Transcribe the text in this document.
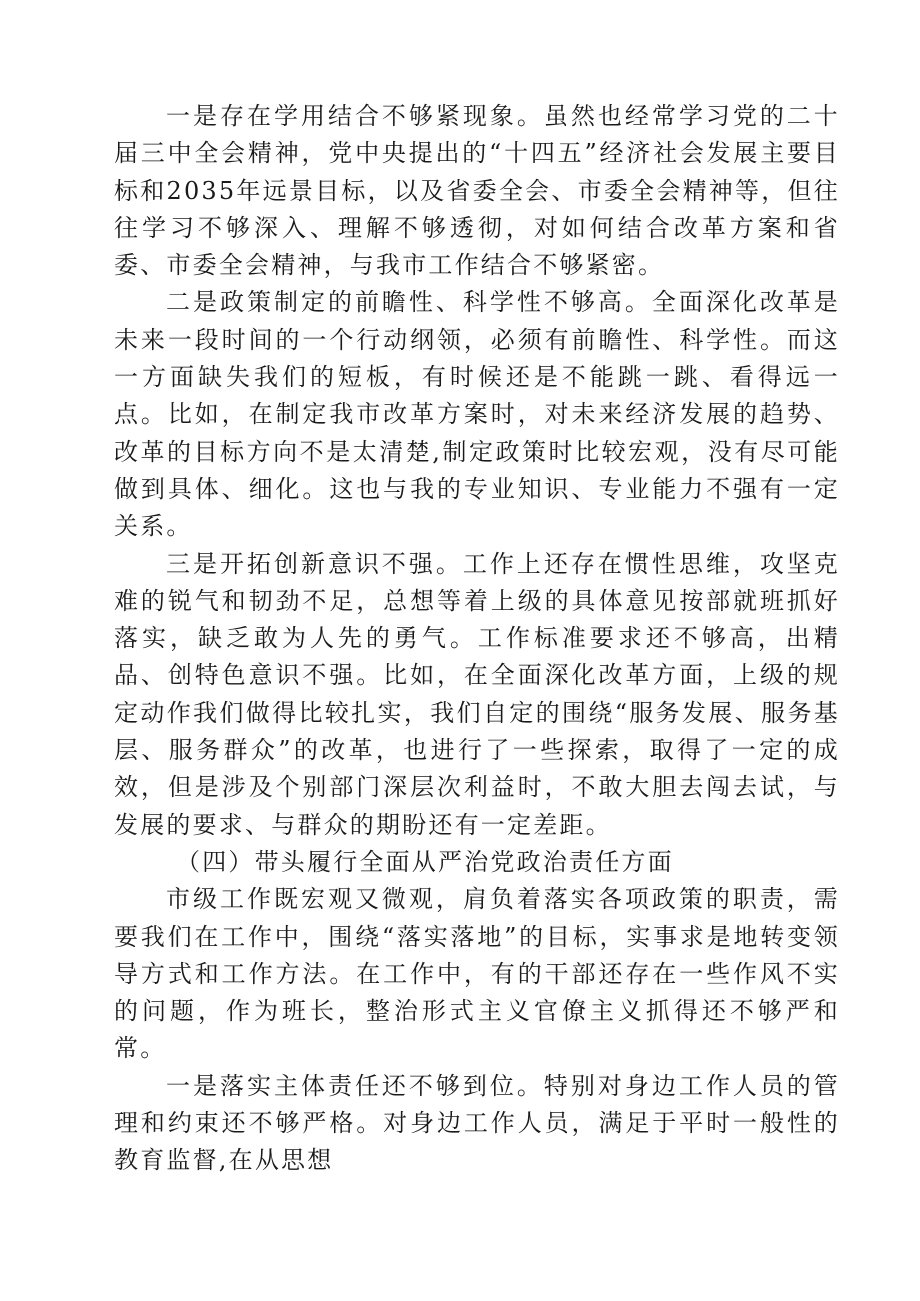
一是存在学用结合不够紧现象。虽然也经常学习党的二十届三中全会精神，党中央提出的“十四五”经济社会发展主要目标和2035年远景目标，以及省委全会、市委全会精神等，但往往学习不够深入、理解不够透彻，对如何结合改革方案和省委、市委全会精神，与我市工作结合不够紧密。

二是政策制定的前瞻性、科学性不够高。全面深化改革是未来一段时间的一个行动纲领，必须有前瞻性、科学性。而这一方面缺失我们的短板，有时候还是不能跳一跳、看得远一点。比如，在制定我市改革方案时，对未来经济发展的趋势、改革的目标方向不是太清楚,制定政策时比较宏观，没有尽可能做到具体、细化。这也与我的专业知识、专业能力不强有一定关系。

三是开拓创新意识不强。工作上还存在惯性思维，攻坚克难的锐气和韧劲不足，总想等着上级的具体意见按部就班抓好落实，缺乏敢为人先的勇气。工作标准要求还不够高，出精品、创特色意识不强。比如，在全面深化改革方面，上级的规定动作我们做得比较扎实，我们自定的围绕“服务发展、服务基层、服务群众”的改革，也进行了一些探索，取得了一定的成效，但是涉及个别部门深层次利益时，不敢大胆去闯去试，与发展的要求、与群众的期盼还有一定差距。

（四）带头履行全面从严治党政治责任方面

市级工作既宏观又微观，肩负着落实各项政策的职责，需要我们在工作中，围绕“落实落地”的目标，实事求是地转变领导方式和工作方法。在工作中，有的干部还存在一些作风不实的问题，作为班长，整治形式主义官僚主义抓得还不够严和常。

一是落实主体责任还不够到位。特别对身边工作人员的管理和约束还不够严格。对身边工作人员，满足于平时一般性的教育监督,在从思想
